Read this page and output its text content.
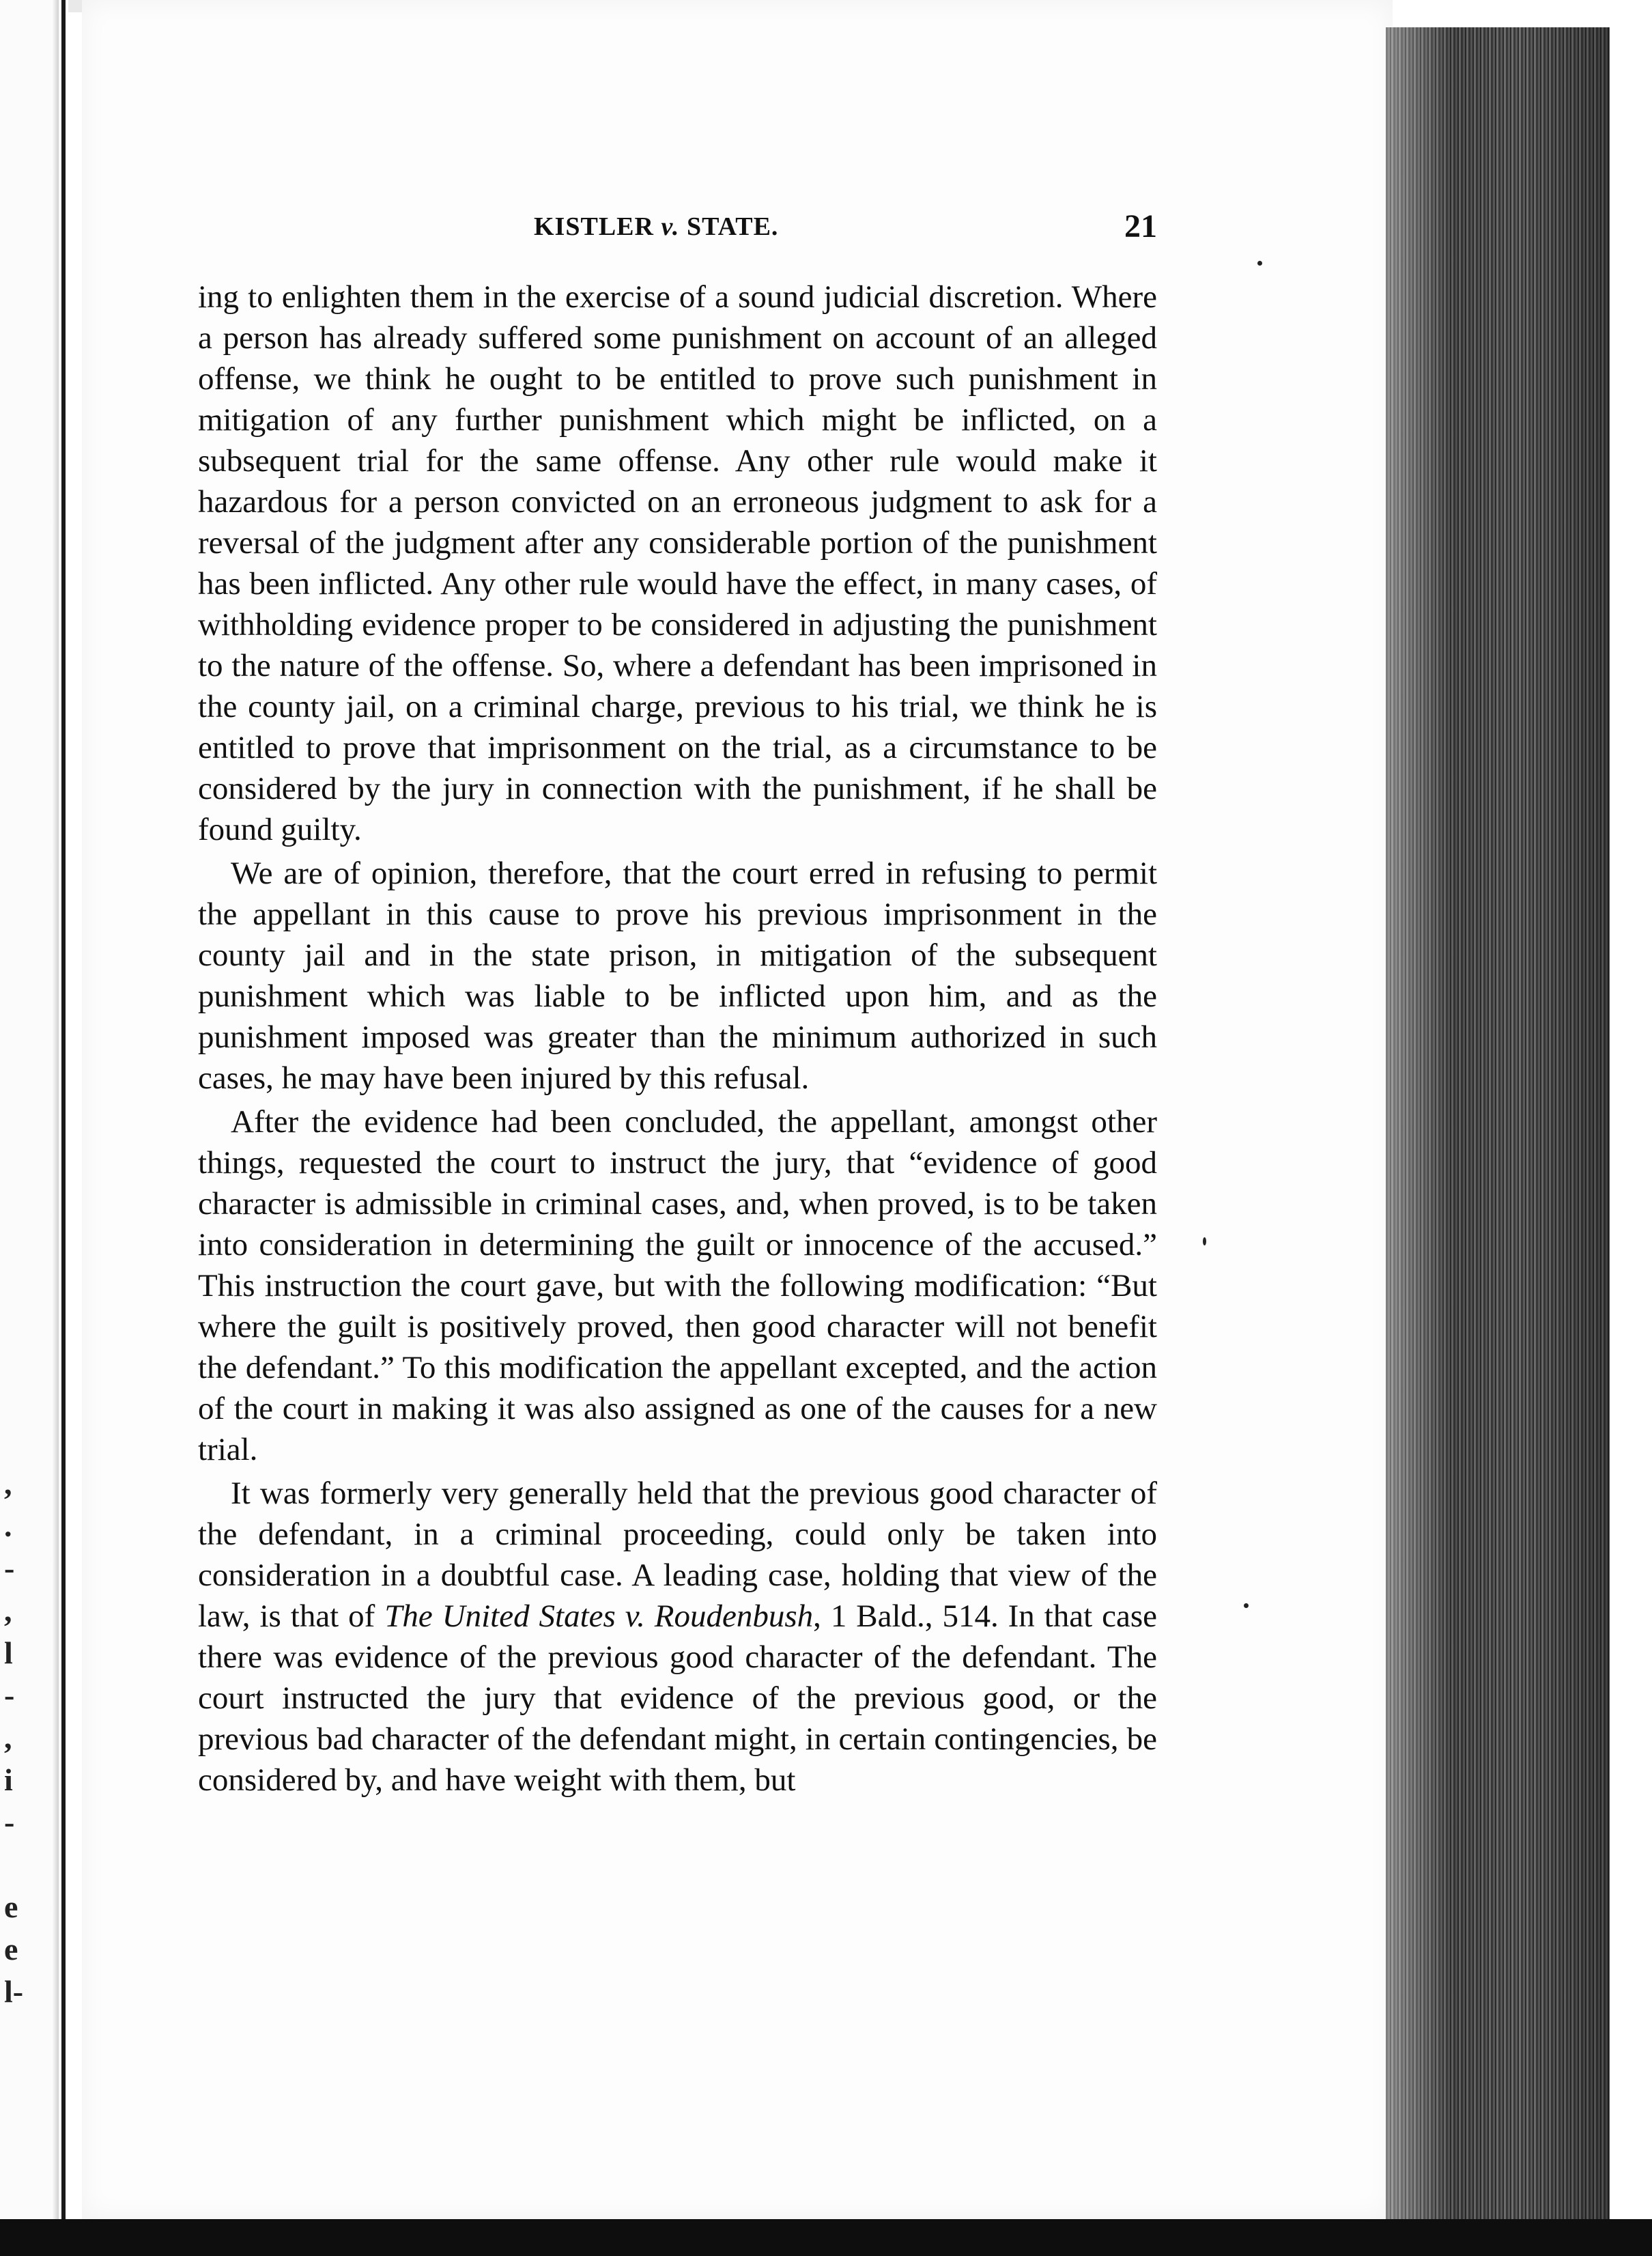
,
.
-
,
l
-
,
i
-

e
e
l-
KISTLER v. STATE.	21

ing to enlighten them in the exercise of a sound judicial discretion. Where a person has already suffered some punishment on account of an alleged offense, we think he ought to be entitled to prove such punishment in mitigation of any further punishment which might be inflicted, on a subsequent trial for the same offense. Any other rule would make it hazardous for a person convicted on an erroneous judgment to ask for a reversal of the judgment after any considerable portion of the punishment has been inflicted. Any other rule would have the effect, in many cases, of withholding evidence proper to be considered in adjusting the punishment to the nature of the offense. So, where a defendant has been imprisoned in the county jail, on a criminal charge, previous to his trial, we think he is entitled to prove that imprisonment on the trial, as a circumstance to be considered by the jury in connection with the punishment, if he shall be found guilty.

We are of opinion, therefore, that the court erred in refusing to permit the appellant in this cause to prove his previous imprisonment in the county jail and in the state prison, in mitigation of the subsequent punishment which was liable to be inflicted upon him, and as the punishment imposed was greater than the minimum authorized in such cases, he may have been injured by this refusal.

After the evidence had been concluded, the appellant, amongst other things, requested the court to instruct the jury, that “evidence of good character is admissible in criminal cases, and, when proved, is to be taken into consideration in determining the guilt or innocence of the accused.” This instruction the court gave, but with the following modification: “But where the guilt is positively proved, then good character will not benefit the defendant.” To this modification the appellant excepted, and the action of the court in making it was also assigned as one of the causes for a new trial.

It was formerly very generally held that the previous good character of the defendant, in a criminal proceeding, could only be taken into consideration in a doubtful case. A leading case, holding that view of the law, is that of The United States v. Roudenbush, 1 Bald., 514. In that case there was evidence of the previous good character of the defendant. The court instructed the jury that evidence of the previous good, or the previous bad character of the defendant might, in certain contingencies, be considered by, and have weight with them, but
